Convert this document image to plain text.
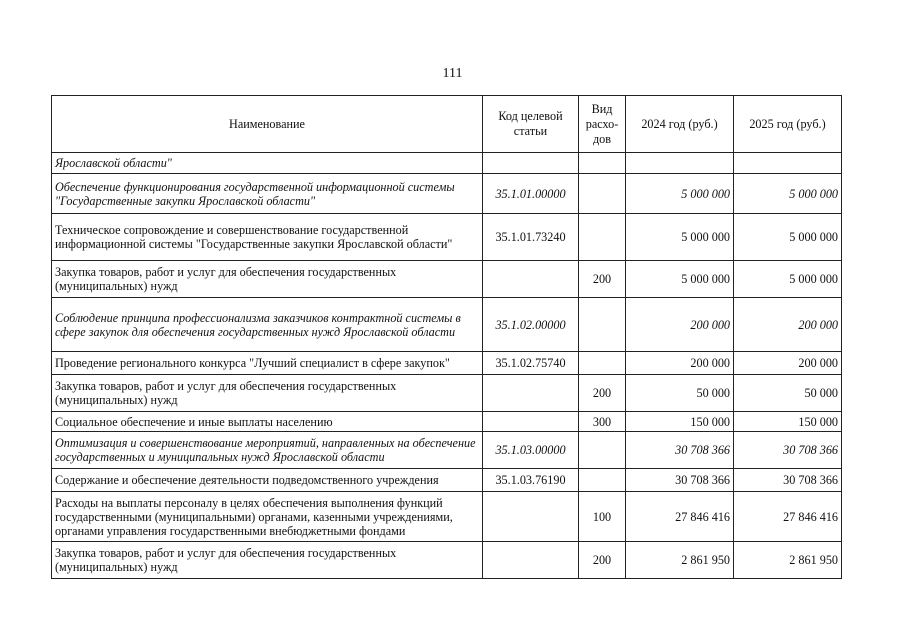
111
Наименование	Код целевой статьи	Вид расхо-дов	2024 год (руб.)	2025 год (руб.)
Ярославской области"				
Обеспечение функционирования государственной информационной системы "Государственные закупки Ярославской области"	35.1.01.00000		5 000 000	5 000 000
Техническое сопровождение и совершенствование государственной информационной системы "Государственные закупки Ярославской области"	35.1.01.73240		5 000 000	5 000 000
Закупка товаров, работ и услуг для обеспечения государственных (муниципальных) нужд		200	5 000 000	5 000 000
Соблюдение принципа профессионализма заказчиков контрактной системы в сфере закупок для обеспечения государственных нужд Ярославской области	35.1.02.00000		200 000	200 000
Проведение регионального конкурса "Лучший специалист в сфере закупок"	35.1.02.75740		200 000	200 000
Закупка товаров, работ и услуг для обеспечения государственных (муниципальных) нужд		200	50 000	50 000
Социальное обеспечение и иные выплаты населению		300	150 000	150 000
Оптимизация и совершенствование мероприятий, направленных на обеспечение государственных и муниципальных нужд Ярославской области	35.1.03.00000		30 708 366	30 708 366
Содержание и обеспечение деятельности подведомственного учреждения	35.1.03.76190		30 708 366	30 708 366
Расходы на выплаты персоналу в целях обеспечения выполнения функций государственными (муниципальными) органами, казенными учреждениями, органами управления государственными внебюджетными фондами		100	27 846 416	27 846 416
Закупка товаров, работ и услуг для обеспечения государственных (муниципальных) нужд		200	2 861 950	2 861 950
